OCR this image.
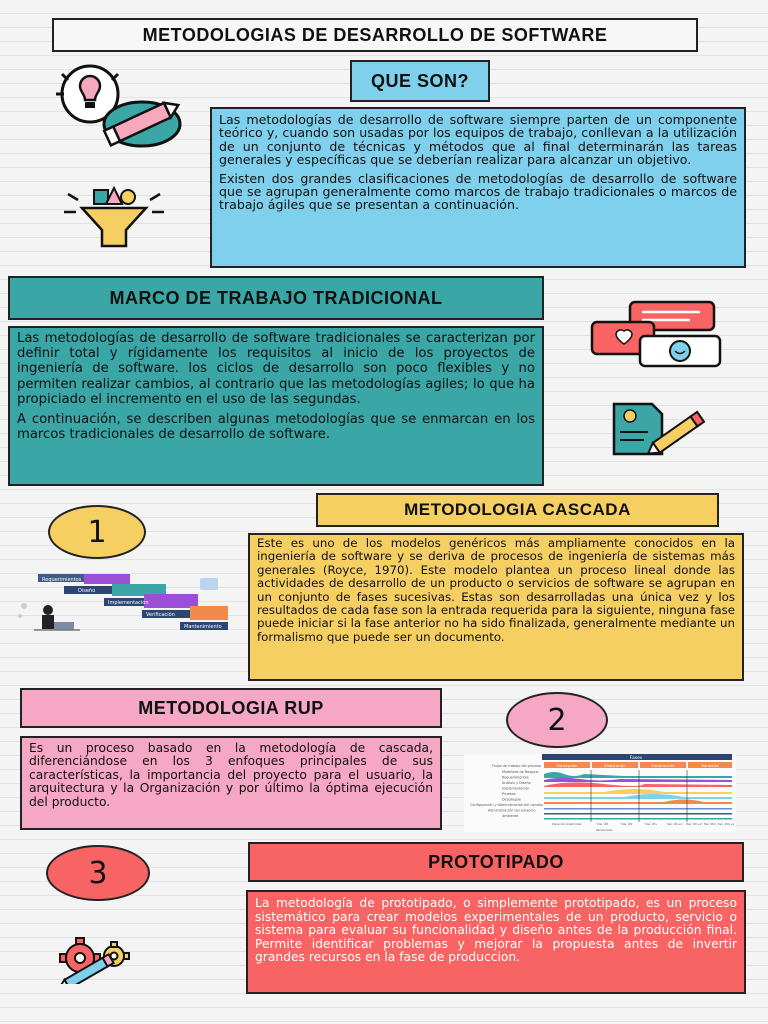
METODOLOGIAS DE DESARROLLO DE SOFTWARE
QUE SON?

Las metodologías de desarrollo de software siempre parten de un componente teórico y, cuando son usadas por los equipos de trabajo, conllevan a la utilización de un conjunto de técnicas y métodos que al final determinarán las tareas generales y específicas que se deberían realizar para alcanzar un objetivo.

Existen dos grandes clasificaciones de metodologías de desarrollo de software que se agrupan generalmente como marcos de trabajo tradicionales o marcos de trabajo ágiles que se presentan a continuación.

MARCO DE TRABAJO TRADICIONAL

Las metodologías de desarrollo de software tradicionales se caracterizan por definir total y rígidamente los requisitos al inicio de los proyectos de ingeniería de software. los ciclos de desarrollo son poco flexibles y no permiten realizar cambios, al contrario que las metodologías agiles; lo que ha propiciado el incremento en el uso de las segundas.

A continuación, se describen algunas metodologías que se enmarcan en los marcos tradicionales de desarrollo de software.

1
METODOLOGIA CASCADA
Este es uno de los modelos genéricos más ampliamente conocidos en la ingeniería de software y se deriva de procesos de ingeniería de sistemas más generales (Royce, 1970). Este modelo plantea un proceso lineal donde las actividades de desarrollo de un producto o servicios de software se agrupan en un conjunto de fases sucesivas. Estas son desarrolladas una única vez y los resultados de cada fase son la entrada requerida para la siguiente, ninguna fase puede iniciar si la fase anterior no ha sido finalizada, generalmente mediante un formalismo que puede ser un documento.
Requerimientos
Diseño
Implementación
Verificación
Mantenimiento
METODOLOGIA RUP	2
Es un proceso basado en la metodología de cascada, diferenciándose en los 3 enfoques principales de sus características, la importancia del proyecto para el usuario, la arquitectura y la Organización y por último la óptima ejecución del producto.
Fases
Concepción	Elaboración	Construcción	Transición
Flujos de trabajo del proceso
Modelado de Negocio
Requerimientos
Análisis y Diseño
Implementación
Pruebas
Despliegue
Configuración y Administración del cambio
Administración del proyecto
Ambiente
Iteración preliminar	Iter. #1	Iter. #2	Iter. #n	Iter. #n+1 Iter. #n+2 Iter. #m Iter. #m+1
Iteraciones
3	PROTOTIPADO
La metodología de prototipado, o simplemente prototipado, es un proceso sistemático para crear modelos experimentales de un producto, servicio o sistema para evaluar su funcionalidad y diseño antes de la producción final. Permite identificar problemas y mejorar la propuesta antes de invertir grandes recursos en la fase de produccion.
